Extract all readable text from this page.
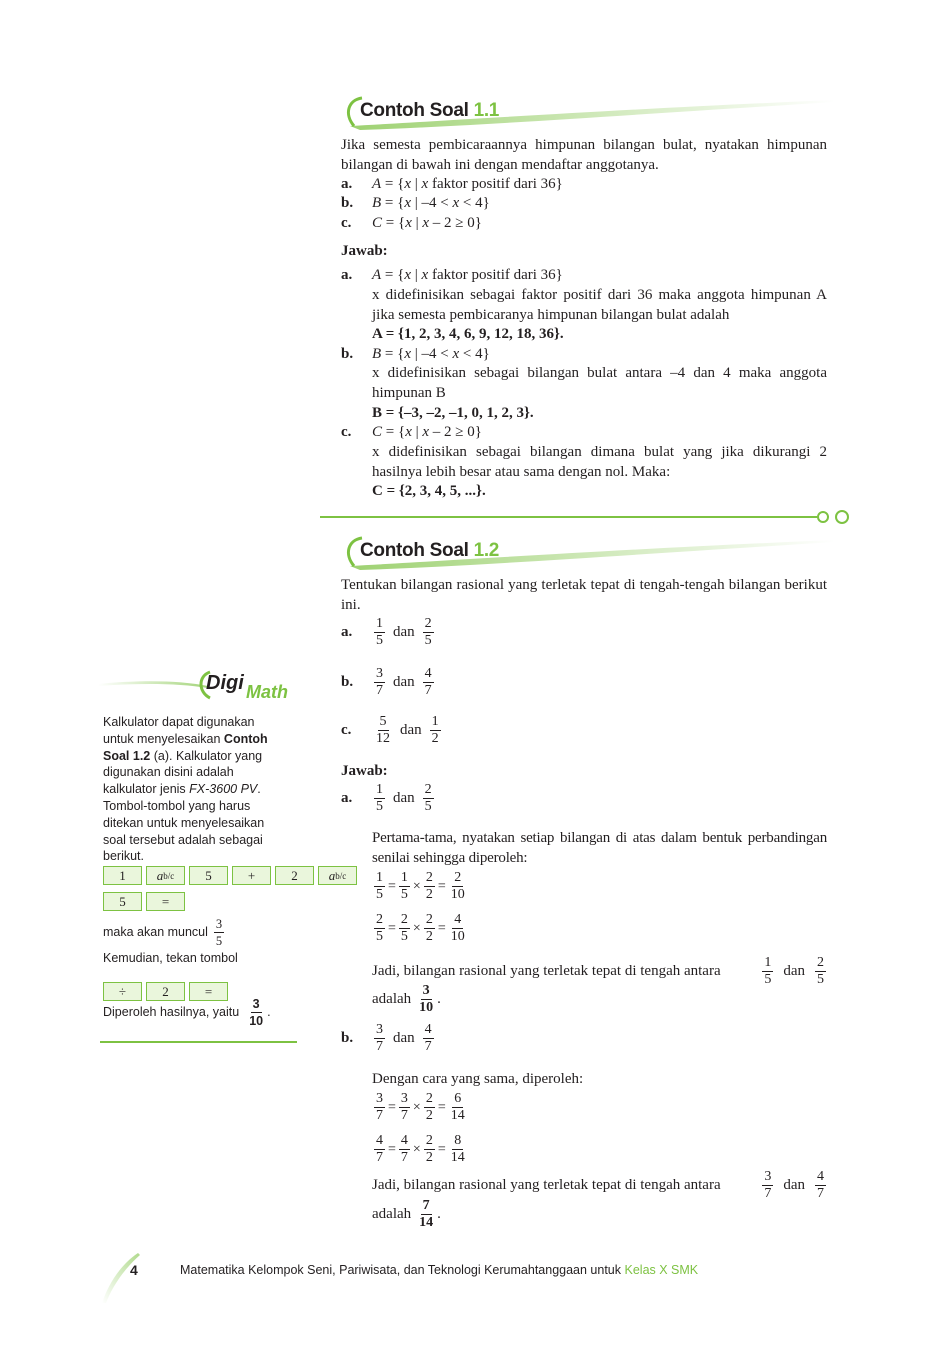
Contoh Soal 1.1
Jika semesta pembicaraannya himpunan bilangan bulat, nyatakan himpunan bilangan di bawah ini dengan mendaftar anggotanya.
a. A = {x | x faktor positif dari 36}
b. B = {x | –4 < x < 4}
c. C = {x | x – 2 ≥ 0}
Jawab:
a. A = {x | x faktor positif dari 36}
x didefinisikan sebagai faktor positif dari 36 maka anggota himpunan A jika semesta pembicaranya himpunan bilangan bulat adalah
A = {1, 2, 3, 4, 6, 9, 12, 18, 36}.
b. B = {x | –4 < x < 4}
x didefinisikan sebagai bilangan bulat antara –4 dan 4 maka anggota himpunan B
B = {–3, –2, –1, 0, 1, 2, 3}.
c. C = {x | x – 2 ≥ 0}
x didefinisikan sebagai bilangan dimana bulat yang jika dikurangi 2 hasilnya lebih besar atau sama dengan nol. Maka:
C = {2, 3, 4, 5, ...}.
Contoh Soal 1.2
Tentukan bilangan rasional yang terletak tepat di tengah-tengah bilangan berikut ini.
a.	$\frac{1}{5}$ dan $\frac{2}{5}$
b.	$\frac{3}{7}$ dan $\frac{4}{7}$
c.	$\frac{5}{12}$ dan $\frac{1}{2}$
Jawab:
a.	$\frac{1}{5}$ dan $\frac{2}{5}$
Pertama-tama, nyatakan setiap bilangan di atas dalam bentuk perbandingan senilai sehingga diperoleh:
$\frac{1}{5} = \frac{1}{5} \times \frac{2}{2} = \frac{2}{10}$
$\frac{2}{5} = \frac{2}{5} \times \frac{2}{2} = \frac{4}{10}$
Jadi, bilangan rasional yang terletak tepat di tengah antara	$\frac{1}{5}$ dan $\frac{2}{5}$
adalah $\frac{3}{10}$ .
b.	$\frac{3}{7}$ dan $\frac{4}{7}$
Dengan cara yang sama, diperoleh:
$\frac{3}{7} = \frac{3}{7} \times \frac{2}{2} = \frac{6}{14}$
$\frac{4}{7} = \frac{4}{7} \times \frac{2}{2} = \frac{8}{14}$
Jadi, bilangan rasional yang terletak tepat di tengah antara	$\frac{3}{7}$ dan $\frac{4}{7}$
adalah $\frac{7}{14}$ .
Digi Math
Kalkulator dapat digunakan untuk menyelesaikan Contoh Soal 1.2 (a). Kalkulator yang digunakan disini adalah kalkulator jenis FX-3600 PV. Tombol-tombol yang harus ditekan untuk menyelesaikan soal tersebut adalah sebagai berikut.
1	a b/c	5	+	2	a b/c
5	=
maka akan muncul $\frac{3}{5}$
Kemudian, tekan tombol
÷	2	=
Diperoleh hasilnya, yaitu $\frac{3}{10}$ .
4	Matematika Kelompok Seni, Pariwisata, dan Teknologi Kerumahtanggaan untuk Kelas X SMK
